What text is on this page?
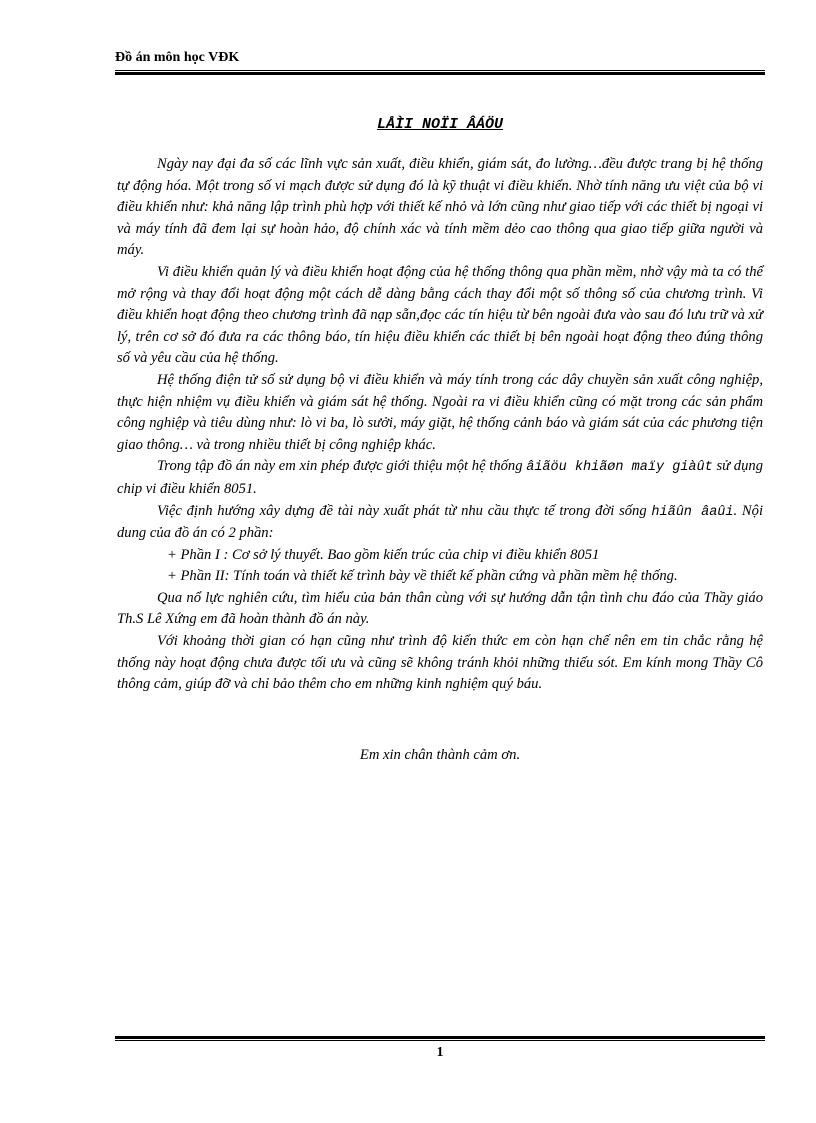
Đồ án môn học VĐK
LÅÌI NOÏI ÂÁÖU

Ngày nay đại đa số các lĩnh vực sản xuất, điều khiển, giám sát, đo lường…đều được trang bị hệ thống tự động hóa. Một trong số vi mạch được sử dụng đó là kỹ thuật vi điều khiển. Nhờ tính năng ưu việt của bộ vi điều khiển như: khả năng lập trình phù hợp với thiết kế nhỏ và lớn cũng như giao tiếp với các thiết bị ngoại vi và máy tính đã đem lại sự hoàn hảo, độ chính xác và tính mềm dẻo cao thông qua giao tiếp giữa người và máy.

Vi điều khiển quản lý và điều khiển hoạt động của hệ thống thông qua phần mềm, nhờ vậy mà ta có thể mở rộng và thay đổi hoạt động một cách dễ dàng bằng cách thay đổi một số thông số của chương trình. Vi điều khiển hoạt động theo chương trình đã nạp sẵn,đọc các tín hiệu từ bên ngoài đưa vào sau đó lưu trữ và xử lý, trên cơ sở đó đưa ra các thông báo, tín hiệu điều khiển các thiết bị bên ngoài hoạt động theo đúng thông số và yêu cầu của hệ thống.

Hệ thống điện tử số sử dụng bộ vi điều khiển và máy tính trong các dây chuyền sản xuất công nghiệp, thực hiện nhiệm vụ điều khiển và giám sát hệ thống. Ngoài ra vi điều khiển cũng có mặt trong các sản phẩm công nghiệp và tiêu dùng như: lò vi ba, lò sưởi, máy giặt, hệ thống cảnh báo và giám sát của các phương tiện giao thông… và trong nhiều thiết bị công nghiệp khác.

Trong tập đồ án này em xin phép được giới thiệu một hệ thống âiãöu khiãøn maïy giàût sử dụng chip vi điều khiển 8051.

Việc định hướng xây dựng đề tài này xuất phát từ nhu cầu thực tế trong đời sống hiãûn âaûi. Nội dung của đồ án có 2 phần:

+ Phần I : Cơ sở lý thuyết. Bao gồm kiến trúc của chip vi điều khiển 8051

+ Phần II: Tính toán và thiết kế trình bày về thiết kế phần cứng và phần mềm hệ thống.

Qua nổ lực nghiên cứu, tìm hiểu của bản thân cùng với sự hướng dẫn tận tình chu đáo của Thầy giáo Th.S Lê Xứng em đã hoàn thành đồ án này.

Với khoảng thời gian có hạn cũng như trình độ kiến thức em còn hạn chế nên em tin chắc rằng hệ thống này hoạt động chưa được tối ưu và cũng sẽ không tránh khỏi những thiếu sót. Em kính mong Thầy Cô thông cảm, giúp đỡ và chỉ bảo thêm cho em những kinh nghiệm quý báu.

Em xin chân thành cảm ơn.
1
